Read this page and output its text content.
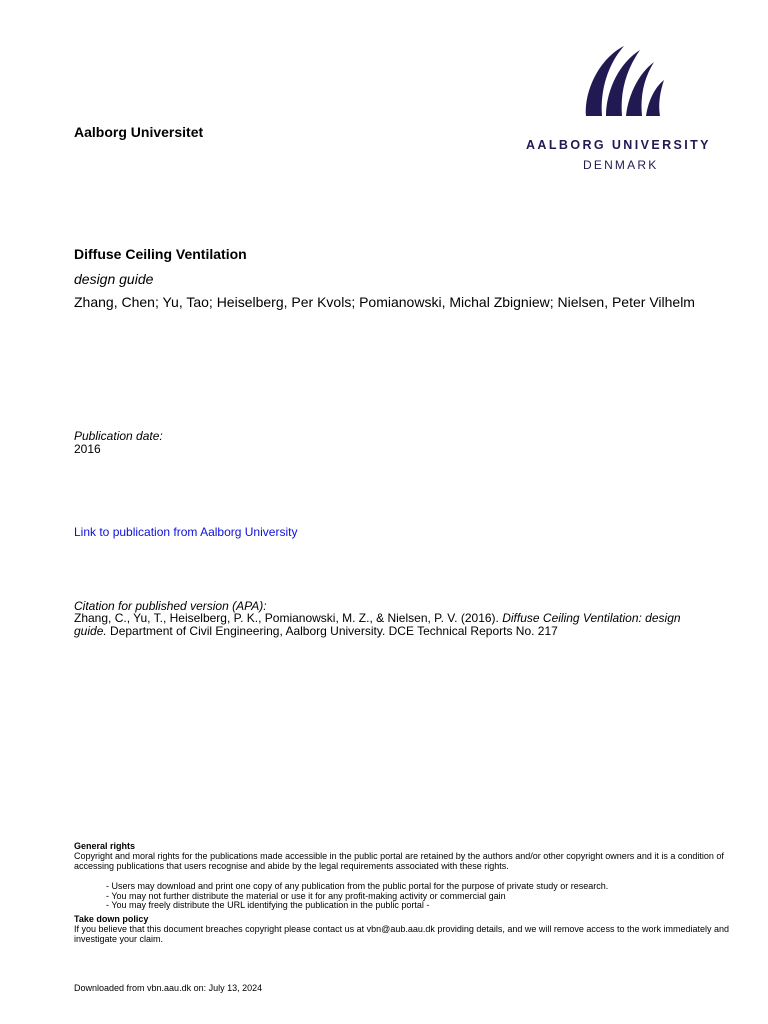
Aalborg Universitet
AALBORG UNIVERSITY
DENMARK
Diffuse Ceiling Ventilation
design guide
Zhang, Chen; Yu, Tao; Heiselberg, Per Kvols; Pomianowski, Michal Zbigniew; Nielsen, Peter Vilhelm
Publication date:
2016
Link to publication from Aalborg University
Citation for published version (APA):
Zhang, C., Yu, T., Heiselberg, P. K., Pomianowski, M. Z., & Nielsen, P. V. (2016). Diffuse Ceiling Ventilation: design guide. Department of Civil Engineering, Aalborg University. DCE Technical Reports No. 217
General rights
Copyright and moral rights for the publications made accessible in the public portal are retained by the authors and/or other copyright owners and it is a condition of accessing publications that users recognise and abide by the legal requirements associated with these rights.
- Users may download and print one copy of any publication from the public portal for the purpose of private study or research.
- You may not further distribute the material or use it for any profit-making activity or commercial gain
- You may freely distribute the URL identifying the publication in the public portal -
Take down policy
If you believe that this document breaches copyright please contact us at vbn@aub.aau.dk providing details, and we will remove access to the work immediately and investigate your claim.
Downloaded from vbn.aau.dk on: July 13, 2024
